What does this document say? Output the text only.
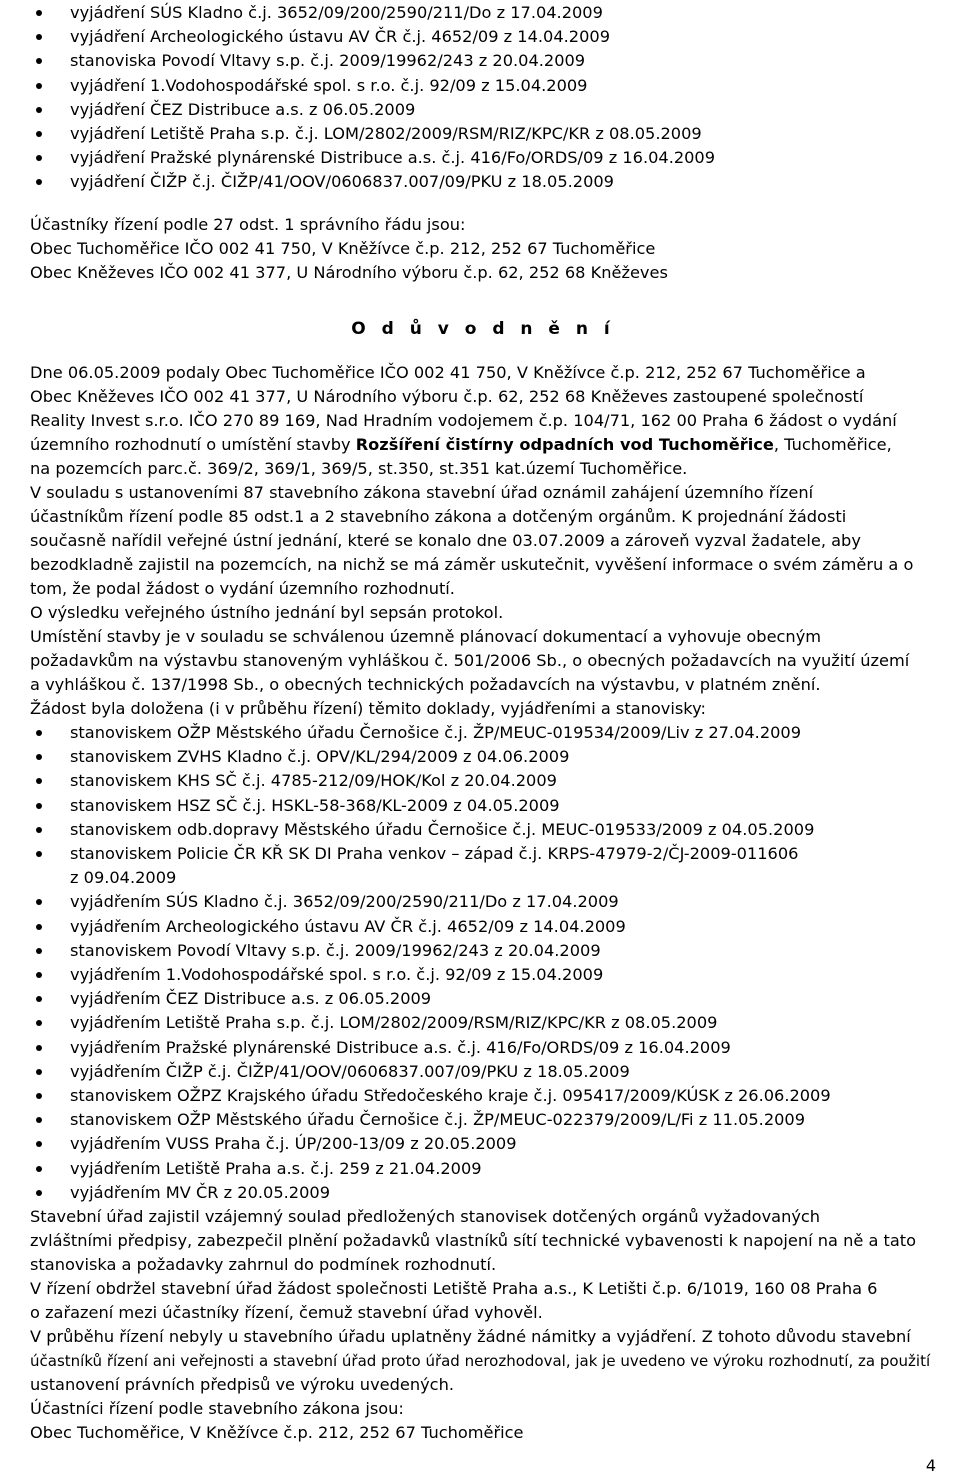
vyjádření SÚS Kladno č.j. 3652/09/200/2590/211/Do z 17.04.2009
vyjádření Archeologického ústavu AV ČR č.j. 4652/09 z 14.04.2009
stanoviska Povodí Vltavy s.p. č.j. 2009/19962/243 z 20.04.2009
vyjádření 1.Vodohospodářské spol. s r.o. č.j. 92/09 z 15.04.2009
vyjádření ČEZ Distribuce a.s. z 06.05.2009
vyjádření Letiště Praha s.p. č.j. LOM/2802/2009/RSM/RIZ/KPC/KR z 08.05.2009
vyjádření Pražské plynárenské Distribuce a.s. č.j. 416/Fo/ORDS/09 z 16.04.2009
vyjádření ČIŽP č.j. ČIŽP/41/OOV/0606837.007/09/PKU z 18.05.2009
Účastníky řízení podle 27 odst. 1 správního řádu jsou:
Obec Tuchoměřice IČO 002 41 750, V Kněžívce č.p. 212, 252 67 Tuchoměřice
Obec Kněževes IČO 002 41 377, U Národního výboru č.p. 62, 252 68 Kněževes
O d ů v o d n ě n í
Dne 06.05.2009 podaly Obec Tuchoměřice IČO 002 41 750, V Kněžívce č.p. 212, 252 67 Tuchoměřice a
Obec Kněževes IČO 002 41 377, U Národního výboru č.p. 62, 252 68 Kněževes zastoupené společností
Reality Invest s.r.o. IČO 270 89 169, Nad Hradním vodojemem č.p. 104/71, 162 00 Praha 6 žádost o vydání
územního rozhodnutí o umístění stavby Rozšíření čistírny odpadních vod Tuchoměřice, Tuchoměřice,
na pozemcích parc.č. 369/2, 369/1, 369/5, st.350, st.351 kat.území Tuchoměřice.
V souladu s ustanoveními 87 stavebního zákona stavební úřad oznámil zahájení územního řízení
účastníkům řízení podle 85 odst.1 a 2 stavebního zákona a dotčeným orgánům. K projednání žádosti
současně nařídil veřejné ústní jednání, které se konalo dne 03.07.2009 a zároveň vyzval žadatele, aby
bezodkladně zajistil na pozemcích, na nichž se má záměr uskutečnit, vyvěšení informace o svém záměru a o
tom, že podal žádost o vydání územního rozhodnutí.
O výsledku veřejného ústního jednání byl sepsán protokol.
Umístění stavby je v souladu se schválenou územně plánovací dokumentací a vyhovuje obecným
požadavkům na výstavbu stanoveným vyhláškou č. 501/2006 Sb., o obecných požadavcích na využití území
a vyhláškou č. 137/1998 Sb., o obecných technických požadavcích na výstavbu, v platném znění.
Žádost byla doložena (i v průběhu řízení) těmito doklady, vyjádřeními a stanovisky:
stanoviskem OŽP Městského úřadu Černošice č.j. ŽP/MEUC-019534/2009/Liv z 27.04.2009
stanoviskem ZVHS Kladno č.j. OPV/KL/294/2009 z 04.06.2009
stanoviskem KHS SČ č.j. 4785-212/09/HOK/Kol z 20.04.2009
stanoviskem HSZ SČ č.j. HSKL-58-368/KL-2009 z 04.05.2009
stanoviskem odb.dopravy Městského úřadu Černošice č.j. MEUC-019533/2009 z 04.05.2009
stanoviskem Policie ČR KŘ SK DI Praha venkov – západ č.j. KRPS-47979-2/ČJ-2009-011606
z 09.04.2009
vyjádřením SÚS Kladno č.j. 3652/09/200/2590/211/Do z 17.04.2009
vyjádřením Archeologického ústavu AV ČR č.j. 4652/09 z 14.04.2009
stanoviskem Povodí Vltavy s.p. č.j. 2009/19962/243 z 20.04.2009
vyjádřením 1.Vodohospodářské spol. s r.o. č.j. 92/09 z 15.04.2009
vyjádřením ČEZ Distribuce a.s. z 06.05.2009
vyjádřením Letiště Praha s.p. č.j. LOM/2802/2009/RSM/RIZ/KPC/KR z 08.05.2009
vyjádřením Pražské plynárenské Distribuce a.s. č.j. 416/Fo/ORDS/09 z 16.04.2009
vyjádřením ČIŽP č.j. ČIŽP/41/OOV/0606837.007/09/PKU z 18.05.2009
stanoviskem OŽPZ Krajského úřadu Středočeského kraje č.j. 095417/2009/KÚSK z 26.06.2009
stanoviskem OŽP Městského úřadu Černošice č.j. ŽP/MEUC-022379/2009/L/Fi z 11.05.2009
vyjádřením VUSS Praha č.j. ÚP/200-13/09 z 20.05.2009
vyjádřením Letiště Praha a.s. č.j. 259 z 21.04.2009
vyjádřením MV ČR z 20.05.2009
Stavební úřad zajistil vzájemný soulad předložených stanovisek dotčených orgánů vyžadovaných
zvláštními předpisy, zabezpečil plnění požadavků vlastníků sítí technické vybavenosti k napojení na ně a tato
stanoviska a požadavky zahrnul do podmínek rozhodnutí.
V řízení obdržel stavební úřad žádost společnosti Letiště Praha a.s., K Letišti č.p. 6/1019, 160 08 Praha 6
o zařazení mezi účastníky řízení, čemuž stavební úřad vyhověl.
V průběhu řízení nebyly u stavebního úřadu uplatněny žádné námitky a vyjádření. Z tohoto důvodu stavební
účastníků řízení ani veřejnosti a stavební úřad proto úřad nerozhodoval, jak je uvedeno ve výroku rozhodnutí, za použití
ustanovení právních předpisů ve výroku uvedených.
Účastníci řízení podle stavebního zákona jsou:
Obec Tuchoměřice, V Kněžívce č.p. 212, 252 67 Tuchoměřice
4
